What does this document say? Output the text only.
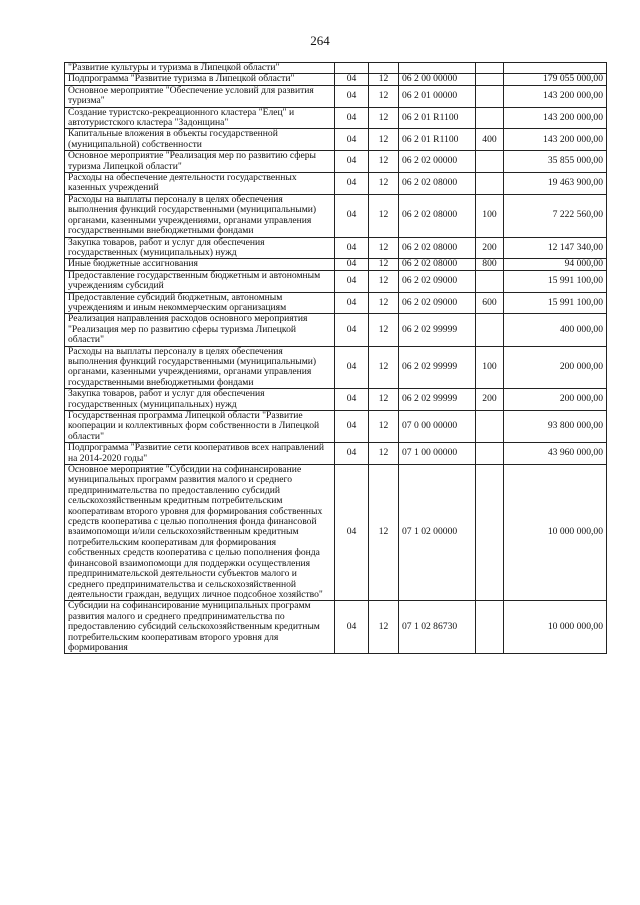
264
"Развитие культуры и туризма в Липецкой области"					
Подпрограмма "Развитие туризма в Липецкой области"	04	12	06 2 00 00000		179 055 000,00
Основное мероприятие "Обеспечение условий для развития туризма"	04	12	06 2 01 00000		143 200 000,00
Создание туристско-рекреационного кластера "Елец" и автотуристского кластера "Задонщина"	04	12	06 2 01 R1100		143 200 000,00
Капитальные вложения в объекты государственной (муниципальной) собственности	04	12	06 2 01 R1100	400	143 200 000,00
Основное мероприятие "Реализация мер по развитию сферы туризма Липецкой области"	04	12	06 2 02 00000		35 855 000,00
Расходы на обеспечение деятельности государственных казенных учреждений	04	12	06 2 02 08000		19 463 900,00
Расходы на выплаты персоналу в целях обеспечения выполнения функций государственными (муниципальными) органами, казенными учреждениями, органами управления государственными внебюджетными фондами	04	12	06 2 02 08000	100	7 222 560,00
Закупка товаров, работ и услуг для обеспечения государственных (муниципальных) нужд	04	12	06 2 02 08000	200	12 147 340,00
Иные бюджетные ассигнования	04	12	06 2 02 08000	800	94 000,00
Предоставление государственным бюджетным и автономным учреждениям субсидий	04	12	06 2 02 09000		15 991 100,00
Предоставление субсидий бюджетным, автономным учреждениям и иным некоммерческим организациям	04	12	06 2 02 09000	600	15 991 100,00
Реализация направления расходов основного мероприятия "Реализация мер по развитию сферы туризма Липецкой области"	04	12	06 2 02 99999		400 000,00
Расходы на выплаты персоналу в целях обеспечения выполнения функций государственными (муниципальными) органами, казенными учреждениями, органами управления государственными внебюджетными фондами	04	12	06 2 02 99999	100	200 000,00
Закупка товаров, работ и услуг для обеспечения государственных (муниципальных) нужд	04	12	06 2 02 99999	200	200 000,00
Государственная программа Липецкой области "Развитие кооперации и коллективных форм собственности в Липецкой области"	04	12	07 0 00 00000		93 800 000,00
Подпрограмма "Развитие сети кооперативов всех направлений на 2014-2020 годы"	04	12	07 1 00 00000		43 960 000,00
Основное мероприятие "Субсидии на софинансирование муниципальных программ развития малого и среднего предпринимательства по предоставлению субсидий сельскохозяйственным кредитным потребительским кооперативам второго уровня для формирования собственных средств кооператива с целью пополнения фонда финансовой взаимопомощи и/или сельскохозяйственным кредитным потребительским кооперативам для формирования собственных средств кооператива с целью пополнения фонда финансовой взаимопомощи для поддержки осуществления предпринимательской деятельности субъектов малого и среднего предпринимательства и сельскохозяйственной деятельности граждан, ведущих личное подсобное хозяйство"	04	12	07 1 02 00000		10 000 000,00
Субсидии на софинансирование муниципальных программ развития малого и среднего предпринимательства по предоставлению субсидий сельскохозяйственным кредитным потребительским кооперативам второго уровня для формирования	04	12	07 1 02 86730		10 000 000,00
